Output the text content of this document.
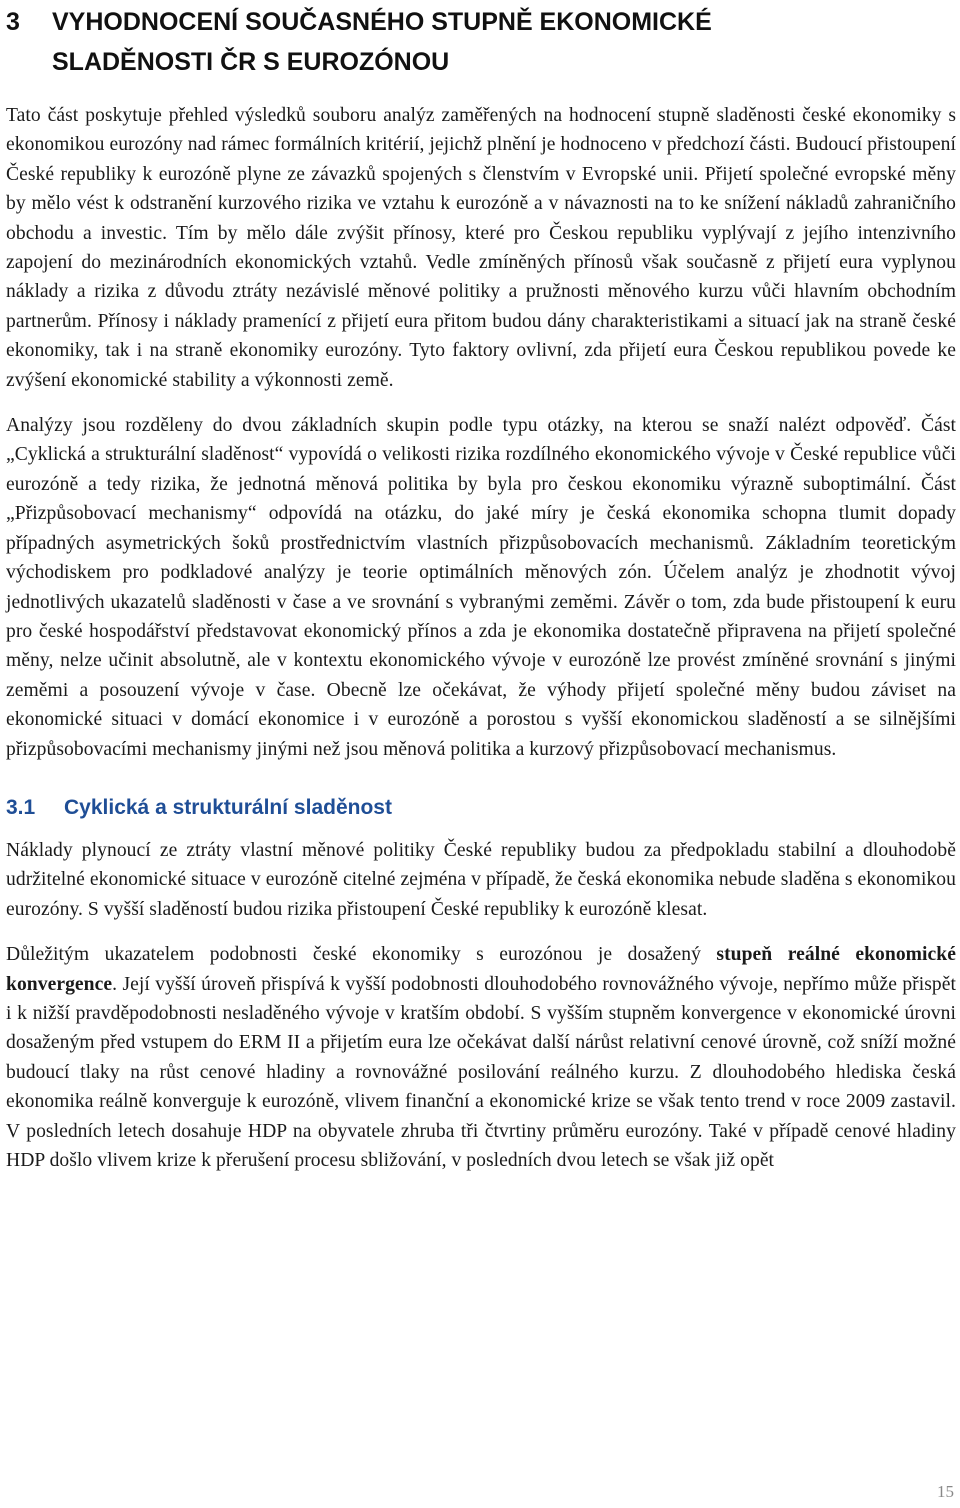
3 VYHODNOCENÍ SOUČASNÉHO STUPNĚ EKONOMICKÉ
SLADĚNOSTI ČR S EUROZÓNOU

Tato část poskytuje přehled výsledků souboru analýz zaměřených na hodnocení stupně sladěnosti české ekonomiky s ekonomikou eurozóny nad rámec formálních kritérií, jejichž plnění je hodnoceno v předchozí části. Budoucí přistoupení České republiky k eurozóně plyne ze závazků spojených s členstvím v Evropské unii. Přijetí společné evropské měny by mělo vést k odstranění kurzového rizika ve vztahu k eurozóně a v návaznosti na to ke snížení nákladů zahraničního obchodu a investic. Tím by mělo dále zvýšit přínosy, které pro Českou republiku vyplývají z jejího intenzivního zapojení do mezinárodních ekonomických vztahů. Vedle zmíněných přínosů však současně z přijetí eura vyplynou náklady a rizika z důvodu ztráty nezávislé měnové politiky a pružnosti měnového kurzu vůči hlavním obchodním partnerům. Přínosy i náklady pramenící z přijetí eura přitom budou dány charakteristikami a situací jak na straně české ekonomiky, tak i na straně ekonomiky eurozóny. Tyto faktory ovlivní, zda přijetí eura Českou republikou povede ke zvýšení ekonomické stability a výkonnosti země.

Analýzy jsou rozděleny do dvou základních skupin podle typu otázky, na kterou se snaží nalézt odpověď. Část „Cyklická a strukturální sladěnost“ vypovídá o velikosti rizika rozdílného ekonomického vývoje v České republice vůči eurozóně a tedy rizika, že jednotná měnová politika by byla pro českou ekonomiku výrazně suboptimální. Část „Přizpůsobovací mechanismy“ odpovídá na otázku, do jaké míry je česká ekonomika schopna tlumit dopady případných asymetrických šoků prostřednictvím vlastních přizpůsobovacích mechanismů. Základním teoretickým východiskem pro podkladové analýzy je teorie optimálních měnových zón. Účelem analýz je zhodnotit vývoj jednotlivých ukazatelů sladěnosti v čase a ve srovnání s vybranými zeměmi. Závěr o tom, zda bude přistoupení k euru pro české hospodářství představovat ekonomický přínos a zda je ekonomika dostatečně připravena na přijetí společné měny, nelze učinit absolutně, ale v kontextu ekonomického vývoje v eurozóně lze provést zmíněné srovnání s jinými zeměmi a posouzení vývoje v čase. Obecně lze očekávat, že výhody přijetí společné měny budou záviset na ekonomické situaci v domácí ekonomice i v eurozóně a porostou s vyšší ekonomickou sladěností a se silnějšími přizpůsobovacími mechanismy jinými než jsou měnová politika a kurzový přizpůsobovací mechanismus.

3.1 Cyklická a strukturální sladěnost

Náklady plynoucí ze ztráty vlastní měnové politiky České republiky budou za předpokladu stabilní a dlouhodobě udržitelné ekonomické situace v eurozóně citelné zejména v případě, že česká ekonomika nebude sladěna s ekonomikou eurozóny. S vyšší sladěností budou rizika přistoupení České republiky k eurozóně klesat.

Důležitým ukazatelem podobnosti české ekonomiky s eurozónou je dosažený stupeň reálné ekonomické konvergence. Její vyšší úroveň přispívá k vyšší podobnosti dlouhodobého rovnovážného vývoje, nepřímo může přispět i k nižší pravděpodobnosti nesladěného vývoje v kratším období. S vyšším stupněm konvergence v ekonomické úrovni dosaženým před vstupem do ERM II a přijetím eura lze očekávat další nárůst relativní cenové úrovně, což sníží možné budoucí tlaky na růst cenové hladiny a rovnovážné posilování reálného kurzu. Z dlouhodobého hlediska česká ekonomika reálně konverguje k eurozóně, vlivem finanční a ekonomické krize se však tento trend v roce 2009 zastavil. V posledních letech dosahuje HDP na obyvatele zhruba tři čtvrtiny průměru eurozóny. Také v případě cenové hladiny HDP došlo vlivem krize k přerušení procesu sbližování, v posledních dvou letech se však již opět

15
